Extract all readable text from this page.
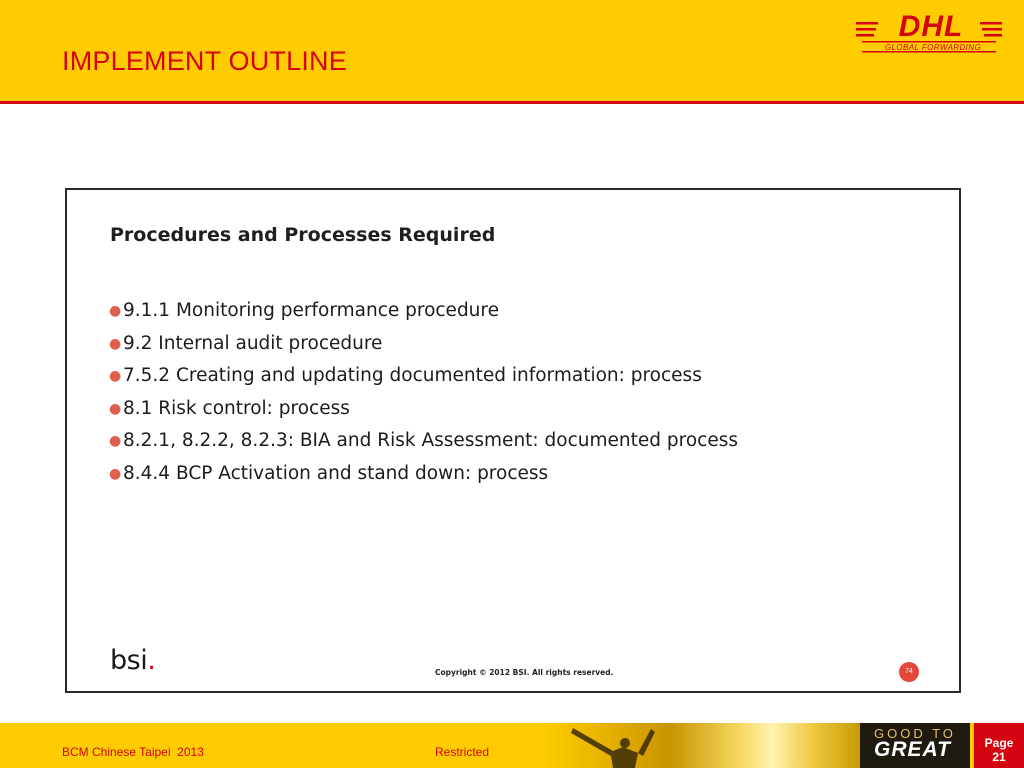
IMPLEMENT OUTLINE
DHL
GLOBAL FORWARDING
Procedures and Processes Required
●9.1.1 Monitoring performance procedure
●9.2 Internal audit procedure
●7.5.2 Creating and updating documented information: process
●8.1 Risk control: process
●8.2.1, 8.2.2, 8.2.3: BIA and Risk Assessment: documented process
●8.4.4 BCP Activation and stand down: process
bsi.	Copyright © 2012 BSI. All rights reserved.	74
BCM Chinese Taipei  2013	Restricted
GOOD TO
GREAT	Page
21
